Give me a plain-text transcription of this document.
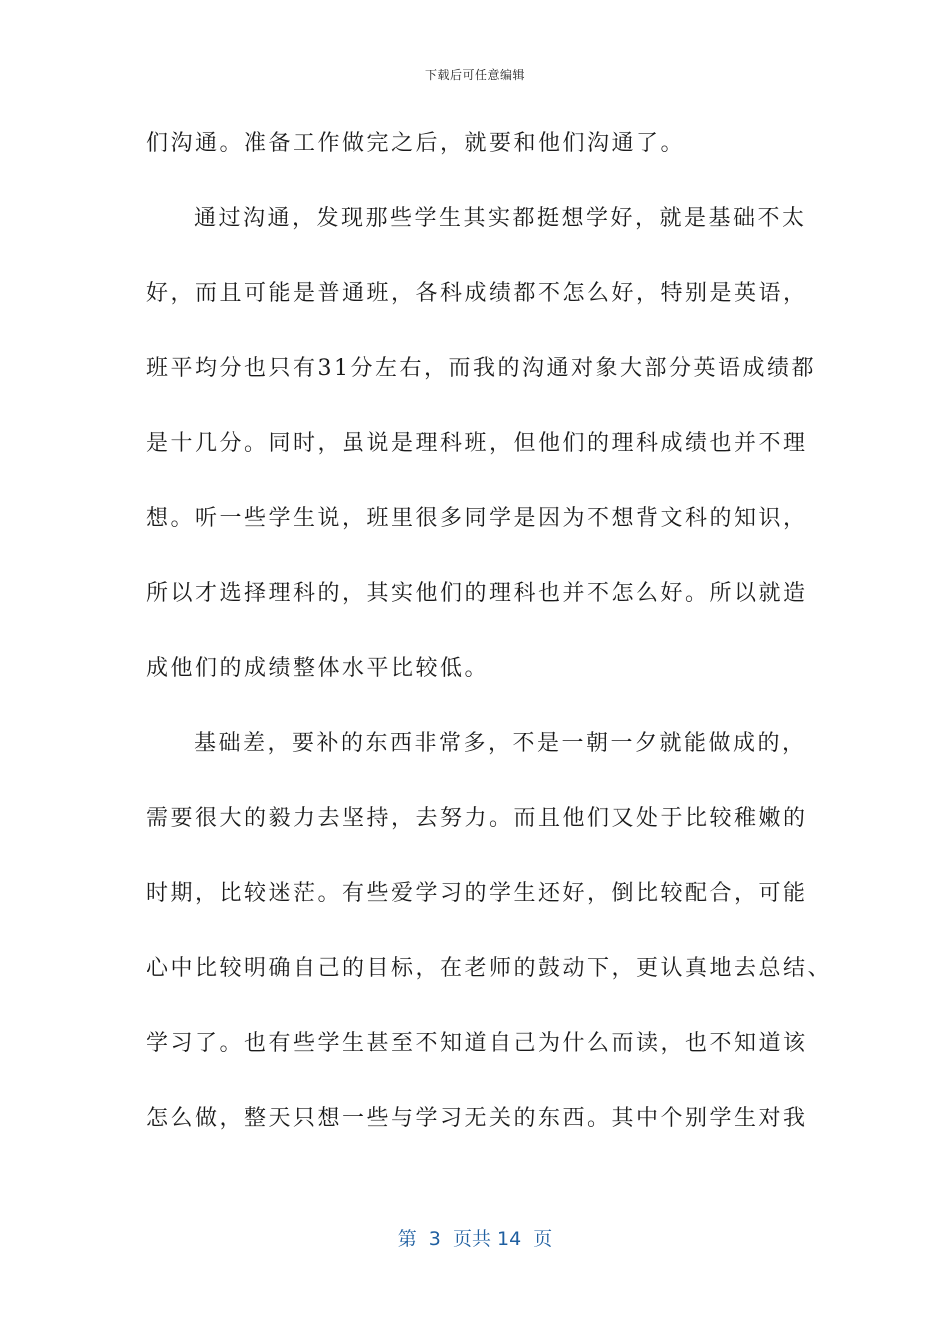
下载后可任意编辑
们沟通。准备工作做完之后，就要和他们沟通了。
通过沟通，发现那些学生其实都挺想学好，就是基础不太
好，而且可能是普通班，各科成绩都不怎么好，特别是英语，
班平均分也只有31分左右，而我的沟通对象大部分英语成绩都
是十几分。同时，虽说是理科班，但他们的理科成绩也并不理
想。听一些学生说，班里很多同学是因为不想背文科的知识，
所以才选择理科的，其实他们的理科也并不怎么好。所以就造
成他们的成绩整体水平比较低。
基础差，要补的东西非常多，不是一朝一夕就能做成的，
需要很大的毅力去坚持，去努力。而且他们又处于比较稚嫩的
时期，比较迷茫。有些爱学习的学生还好，倒比较配合，可能
心中比较明确自己的目标，在老师的鼓动下，更认真地去总结、
学习了。也有些学生甚至不知道自己为什么而读，也不知道该
怎么做，整天只想一些与学习无关的东西。其中个别学生对我
第  3  页共 14  页
